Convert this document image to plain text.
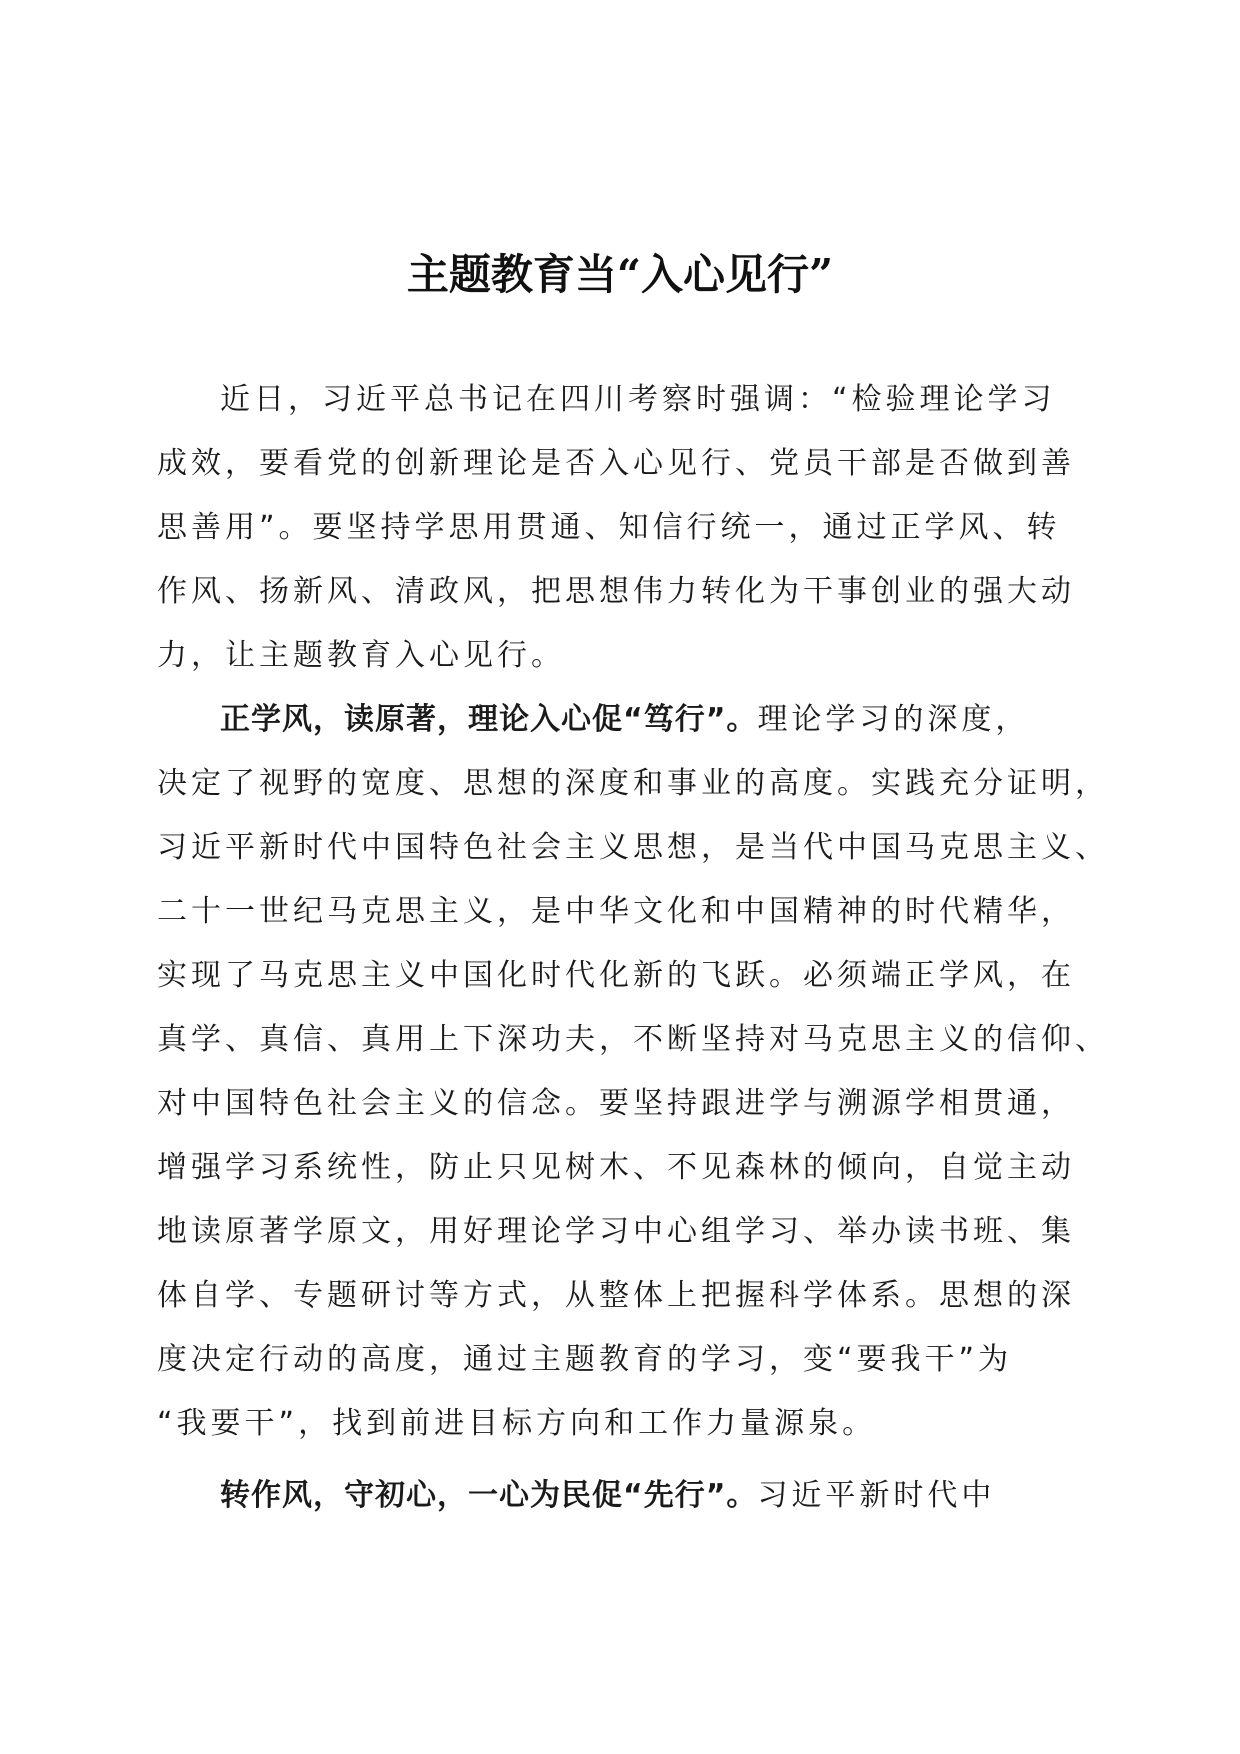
主题教育当“入心见行”

近日，习近平总书记在四川考察时强调：“检验理论学习

成效，要看党的创新理论是否入心见行、党员干部是否做到善

思善用”。要坚持学思用贯通、知信行统一，通过正学风、转

作风、扬新风、清政风，把思想伟力转化为干事创业的强大动

力，让主题教育入心见行。

正学风，读原著，理论入心促“笃行”。理论学习的深度，

决定了视野的宽度、思想的深度和事业的高度。实践充分证明，

习近平新时代中国特色社会主义思想，是当代中国马克思主义、

二十一世纪马克思主义，是中华文化和中国精神的时代精华，

实现了马克思主义中国化时代化新的飞跃。必须端正学风，在

真学、真信、真用上下深功夫，不断坚持对马克思主义的信仰、

对中国特色社会主义的信念。要坚持跟进学与溯源学相贯通，

增强学习系统性，防止只见树木、不见森林的倾向，自觉主动

地读原著学原文，用好理论学习中心组学习、举办读书班、集

体自学、专题研讨等方式，从整体上把握科学体系。思想的深

度决定行动的高度，通过主题教育的学习，变“要我干”为

“我要干”，找到前进目标方向和工作力量源泉。

转作风，守初心，一心为民促“先行”。习近平新时代中
